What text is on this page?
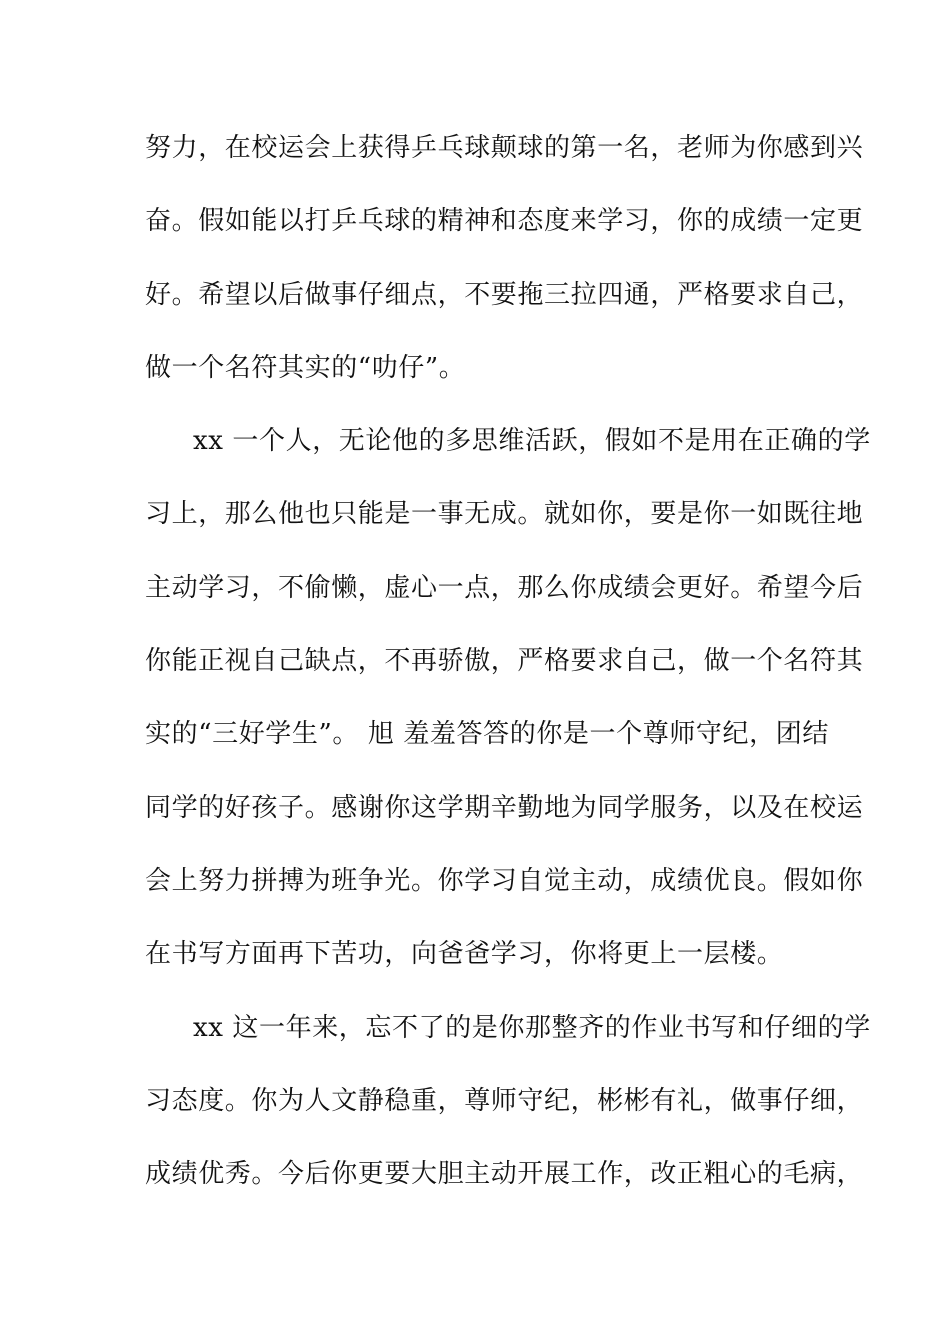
努力，在校运会上获得乒乓球颠球的第一名，老师为你感到兴
奋。假如能以打乒乓球的精神和态度来学习，你的成绩一定更
好。希望以后做事仔细点，不要拖三拉四通，严格要求自己，
做一个名符其实的“叻仔”。
xx 一个人，无论他的多思维活跃，假如不是用在正确的学
习上，那么他也只能是一事无成。就如你，要是你一如既往地
主动学习，不偷懒，虚心一点，那么你成绩会更好。希望今后
你能正视自己缺点，不再骄傲，严格要求自己，做一个名符其
实的“三好学生”。 旭 羞羞答答的你是一个尊师守纪，团结
同学的好孩子。感谢你这学期辛勤地为同学服务，以及在校运
会上努力拼搏为班争光。你学习自觉主动，成绩优良。假如你
在书写方面再下苦功，向爸爸学习，你将更上一层楼。
xx 这一年来，忘不了的是你那整齐的作业书写和仔细的学
习态度。你为人文静稳重，尊师守纪，彬彬有礼，做事仔细，
成绩优秀。今后你更要大胆主动开展工作，改正粗心的毛病，
